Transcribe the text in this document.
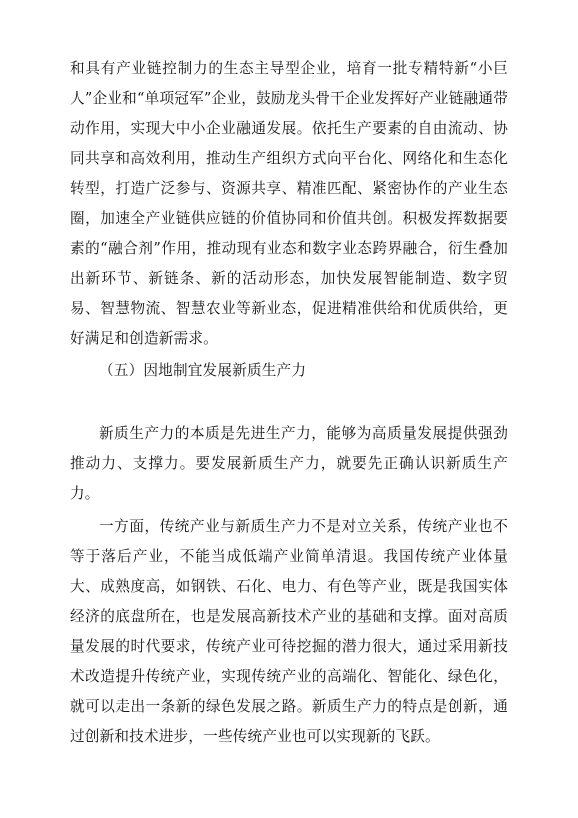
和具有产业链控制力的生态主导型企业，培育一批专精特新“小巨人”企业和“单项冠军”企业，鼓励龙头骨干企业发挥好产业链融通带动作用，实现大中小企业融通发展。依托生产要素的自由流动、协同共享和高效利用，推动生产组织方式向平台化、网络化和生态化转型，打造广泛参与、资源共享、精准匹配、紧密协作的产业生态圈，加速全产业链供应链的价值协同和价值共创。积极发挥数据要素的“融合剂”作用，推动现有业态和数字业态跨界融合，衍生叠加出新环节、新链条、新的活动形态，加快发展智能制造、数字贸易、智慧物流、智慧农业等新业态，促进精准供给和优质供给，更好满足和创造新需求。

（五）因地制宜发展新质生产力

新质生产力的本质是先进生产力，能够为高质量发展提供强劲推动力、支撑力。要发展新质生产力，就要先正确认识新质生产力。

一方面，传统产业与新质生产力不是对立关系，传统产业也不等于落后产业，不能当成低端产业简单清退。我国传统产业体量大、成熟度高，如钢铁、石化、电力、有色等产业，既是我国实体经济的底盘所在，也是发展高新技术产业的基础和支撑。面对高质量发展的时代要求，传统产业可待挖掘的潜力很大，通过采用新技术改造提升传统产业，实现传统产业的高端化、智能化、绿色化，就可以走出一条新的绿色发展之路。新质生产力的特点是创新，通过创新和技术进步，一些传统产业也可以实现新的飞跃。
